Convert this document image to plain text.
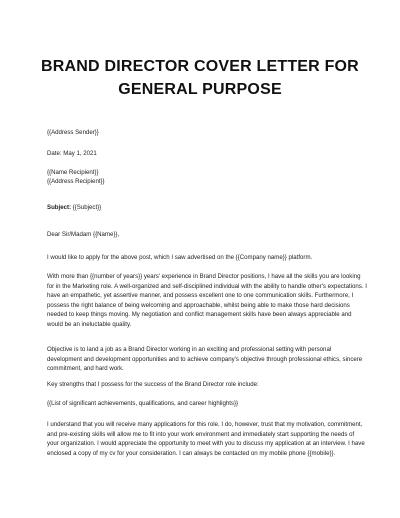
BRAND DIRECTOR COVER LETTER FOR
GENERAL PURPOSE
{{Address Sender}}
Date: May 1, 2021
{{Name Recipient}}
{{Address Recipient}}
Subject: {{Subject}}
Dear Sir/Madam {{Name}},

I would like to apply for the above post, which I saw advertised on the {{Company name}} platform.

With more than {{number of years}} years' experience in Brand Director positions, I have all the skills you are looking for in the Marketing role. A well-organized and self-disciplined individual with the ability to handle other's expectations. I have an empathetic, yet assertive manner, and possess excellent one to one communication skills. Furthermore, I possess the right balance of being welcoming and approachable, whilst being able to make those hard decisions needed to keep things moving. My negotiation and conflict management skills have been always appreciable and would be an ineluctable quality.

Objective is to land a job as a Brand Director working in an exciting and professional setting with personal development and development opportunities and to achieve company's objective through professional ethics, sincere commitment, and hard work.

Key strengths that I possess for the success of the Brand Director role include:

{{List of significant achievements, qualifications, and career highlights}}

I understand that you will receive many applications for this role. I do, however, trust that my motivation, commitment, and pre-existing skills will allow me to fit into your work environment and immediately start supporting the needs of your organization. I would appreciate the opportunity to meet with you to discuss my application at an interview. I have enclosed a copy of my cv for your consideration. I can always be contacted on my mobile phone {{mobile}}.
